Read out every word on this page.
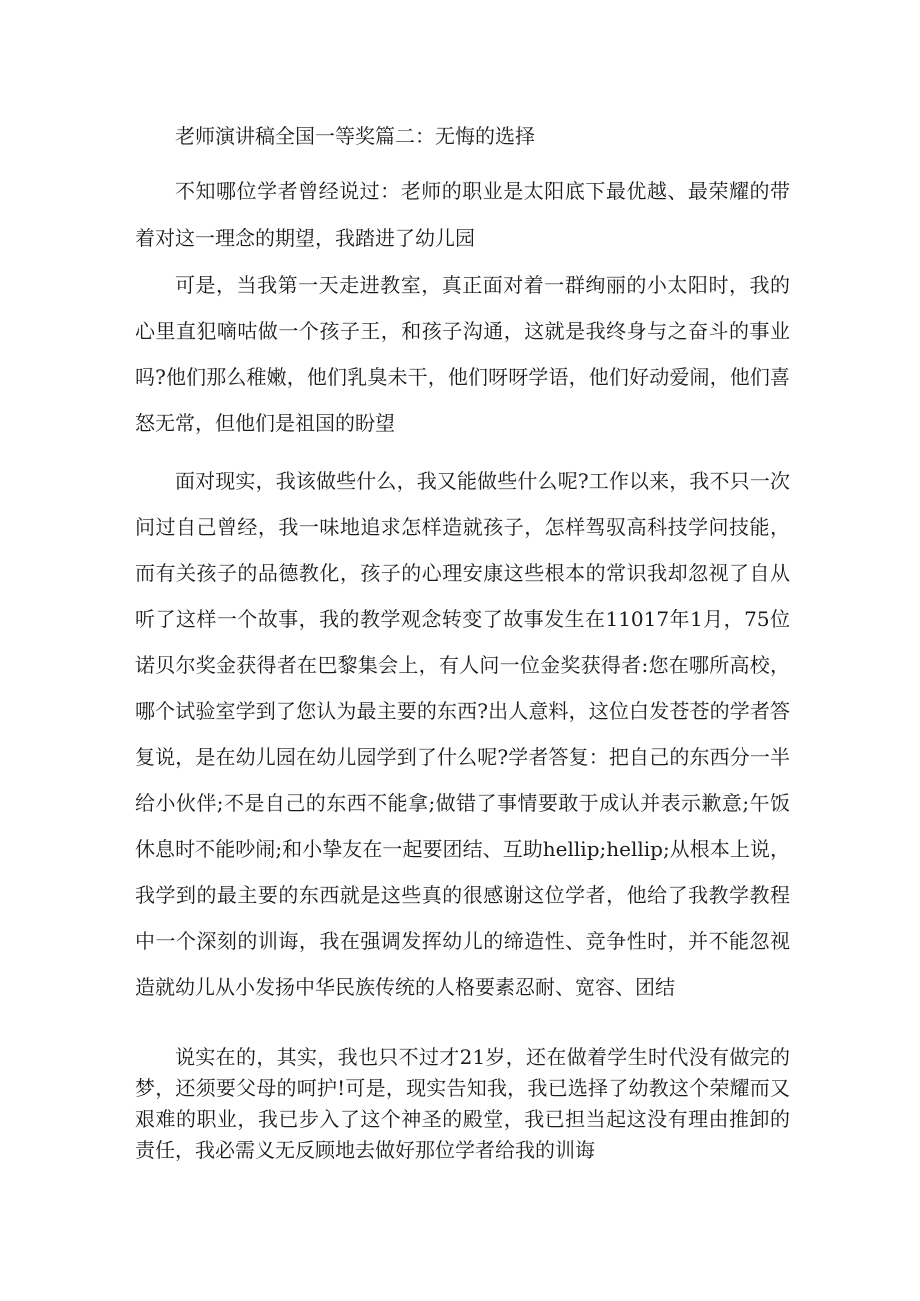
老师演讲稿全国一等奖篇二：无悔的选择

不知哪位学者曾经说过：老师的职业是太阳底下最优越、最荣耀的带着对这一理念的期望，我踏进了幼儿园

可是，当我第一天走进教室，真正面对着一群绚丽的小太阳时，我的心里直犯嘀咕做一个孩子王，和孩子沟通，这就是我终身与之奋斗的事业吗?他们那么稚嫩，他们乳臭未干，他们呀呀学语，他们好动爱闹，他们喜怒无常，但他们是祖国的盼望

面对现实，我该做些什么，我又能做些什么呢?工作以来，我不只一次问过自己曾经，我一味地追求怎样造就孩子，怎样驾驭高科技学问技能，而有关孩子的品德教化，孩子的心理安康这些根本的常识我却忽视了自从听了这样一个故事，我的教学观念转变了故事发生在11017年1月，75位诺贝尔奖金获得者在巴黎集会上，有人问一位金奖获得者:您在哪所高校，哪个试验室学到了您认为最主要的东西?出人意料，这位白发苍苍的学者答复说，是在幼儿园在幼儿园学到了什么呢?学者答复：把自己的东西分一半给小伙伴;不是自己的东西不能拿;做错了事情要敢于成认并表示歉意;午饭休息时不能吵闹;和小挚友在一起要团结、互助hellip;hellip;从根本上说，我学到的最主要的东西就是这些真的很感谢这位学者，他给了我教学教程中一个深刻的训诲，我在强调发挥幼儿的缔造性、竞争性时，并不能忽视造就幼儿从小发扬中华民族传统的人格要素忍耐、宽容、团结

说实在的，其实，我也只不过才21岁，还在做着学生时代没有做完的梦，还须要父母的呵护!可是，现实告知我，我已选择了幼教这个荣耀而又艰难的职业，我已步入了这个神圣的殿堂，我已担当起这没有理由推卸的责任，我必需义无反顾地去做好那位学者给我的训诲
